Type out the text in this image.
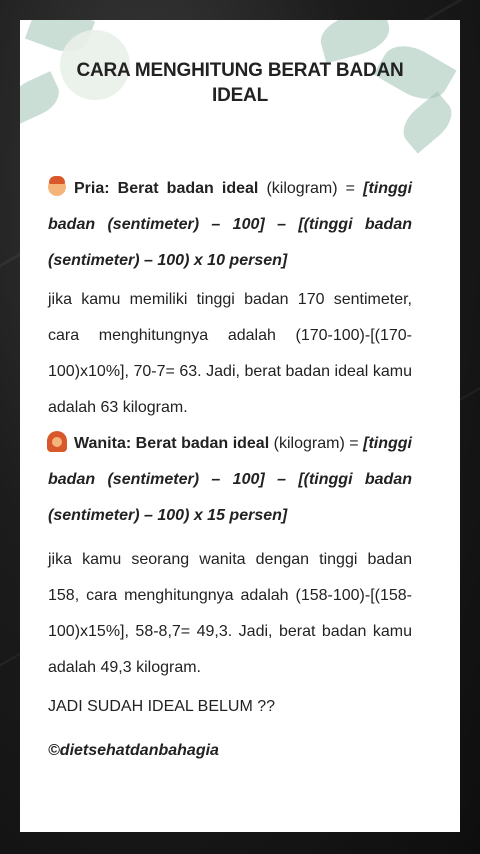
CARA MENGHITUNG BERAT BADAN IDEAL
Pria: Berat badan ideal (kilogram) = [tinggi badan (sentimeter) – 100] – [(tinggi badan (sentimeter) – 100) x 10 persen]
jika kamu memiliki tinggi badan 170 sentimeter, cara menghitungnya adalah (170-100)-[(170-100)x10%], 70-7= 63. Jadi, berat badan ideal kamu adalah 63 kilogram.
Wanita: Berat badan ideal (kilogram) = [tinggi badan (sentimeter) – 100] – [(tinggi badan (sentimeter) – 100) x 15 persen]
jika kamu seorang wanita dengan tinggi badan 158, cara menghitungnya adalah (158-100)-[(158-100)x15%], 58-8,7= 49,3. Jadi, berat badan kamu adalah 49,3 kilogram.
JADI SUDAH IDEAL BELUM ??
©dietsehatdanbahagia
